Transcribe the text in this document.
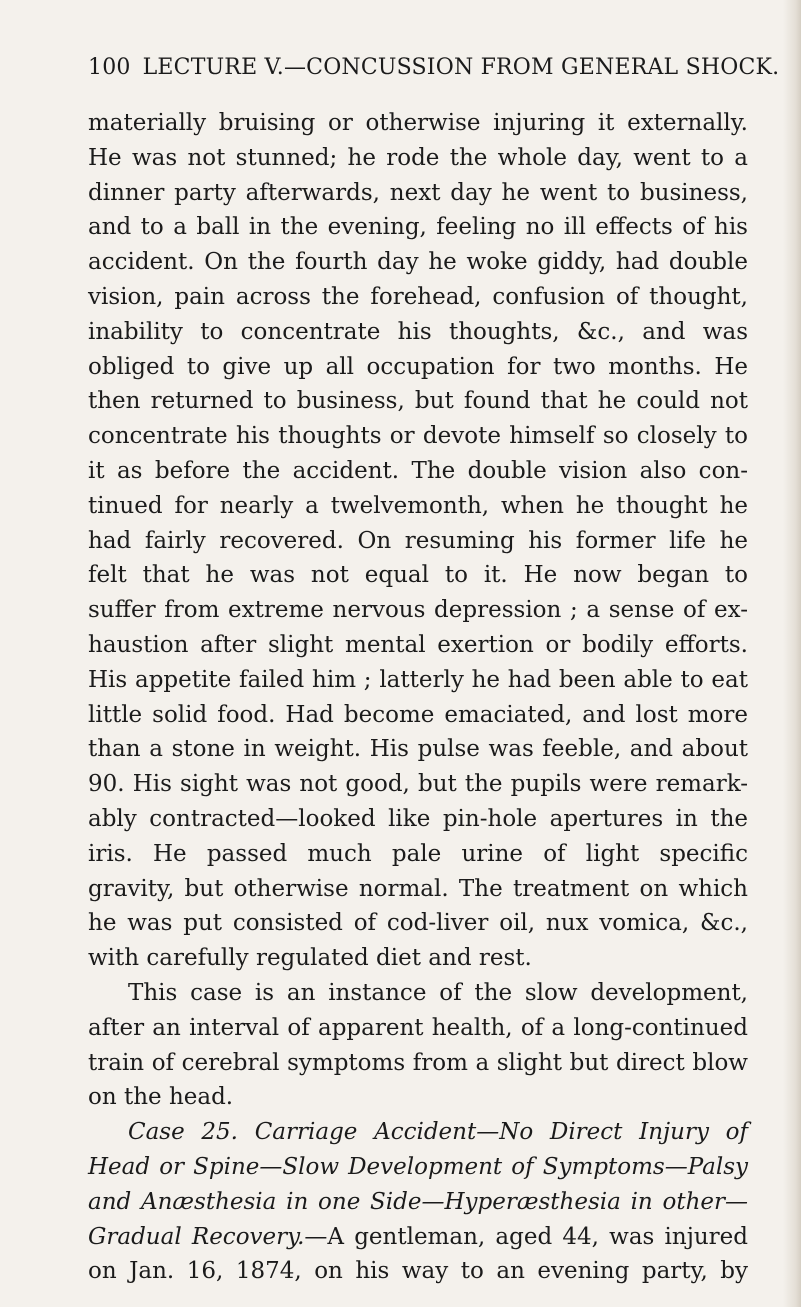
100 LECTURE V.—CONCUSSION FROM GENERAL SHOCK.
materially bruising or otherwise injuring it externally.
He was not stunned; he rode the whole day, went to a
dinner party afterwards, next day he went to business,
and to a ball in the evening, feeling no ill effects of his
accident. On the fourth day he woke giddy, had double
vision, pain across the forehead, confusion of thought,
inability to concentrate his thoughts, &c., and was
obliged to give up all occupation for two months. He
then returned to business, but found that he could not
concentrate his thoughts or devote himself so closely to
it as before the accident. The double vision also con-
tinued for nearly a twelvemonth, when he thought he
had fairly recovered. On resuming his former life he
felt that he was not equal to it. He now began to
suffer from extreme nervous depression ; a sense of ex-
haustion after slight mental exertion or bodily efforts.
His appetite failed him ; latterly he had been able to eat
little solid food. Had become emaciated, and lost more
than a stone in weight. His pulse was feeble, and about
90. His sight was not good, but the pupils were remark-
ably contracted—looked like pin-hole apertures in the
iris. He passed much pale urine of light specific
gravity, but otherwise normal. The treatment on which
he was put consisted of cod-liver oil, nux vomica, &c.,
with carefully regulated diet and rest.
This case is an instance of the slow development,
after an interval of apparent health, of a long-continued
train of cerebral symptoms from a slight but direct blow
on the head.
Case 25. Carriage Accident—No Direct Injury of
Head or Spine—Slow Development of Symptoms—Palsy
and Anæsthesia in one Side—Hyperæsthesia in other—
Gradual Recovery.—A gentleman, aged 44, was injured
on Jan. 16, 1874, on his way to an evening party, by
